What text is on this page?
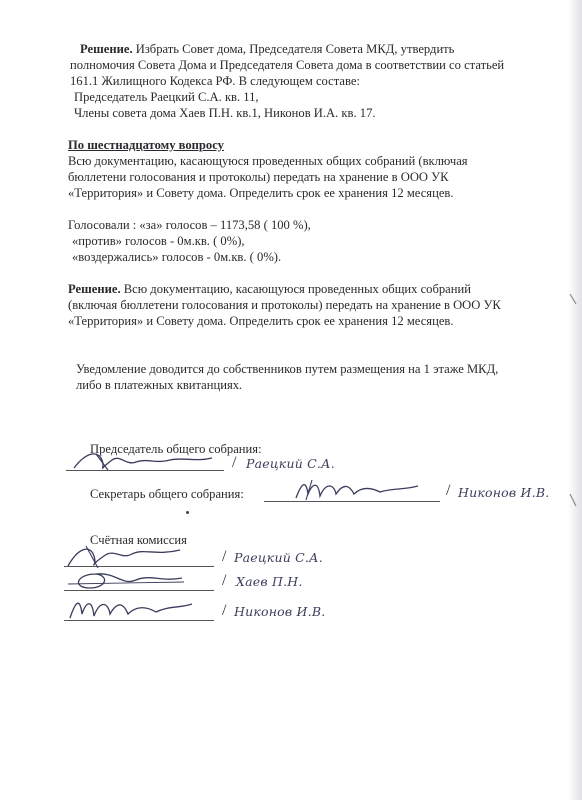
Решение. Избрать Совет дома, Председателя Совета МКД, утвердить
полномочия Совета Дома и Председателя Совета дома в соответствии со статьей
161.1 Жилищного Кодекса РФ. В следующем составе:
Председатель Раецкий С.А. кв. 11,
Члены совета дома Хаев П.Н. кв.1, Никонов И.А. кв. 17.
По шестнадцатому вопросу
Всю документацию, касающуюся проведенных общих собраний (включая
бюллетени голосования и протоколы) передать на хранение в ООО УК
«Территория» и Совету дома. Определить срок ее хранения 12 месяцев.
Голосовали : «за» голосов – 1173,58 ( 100 %),
«против» голосов - 0м.кв. ( 0%),
«воздержались» голосов - 0м.кв. ( 0%).
Решение. Всю документацию, касающуюся проведенных общих собраний
(включая бюллетени голосования и протоколы) передать на хранение в ООО УК
«Территория» и Совету дома. Определить срок ее хранения 12 месяцев.
Уведомление доводится до собственников путем размещения на 1 этаже МКД,
либо в платежных квитанциях.
Председатель общего собрания:
/ Раецкий С.А.
Секретарь общего собрания:	/ Никонов И.В.
Счётная комиссия
/ Раецкий С.А.
/ Хаев П.Н.
/ Никонов И.В.
